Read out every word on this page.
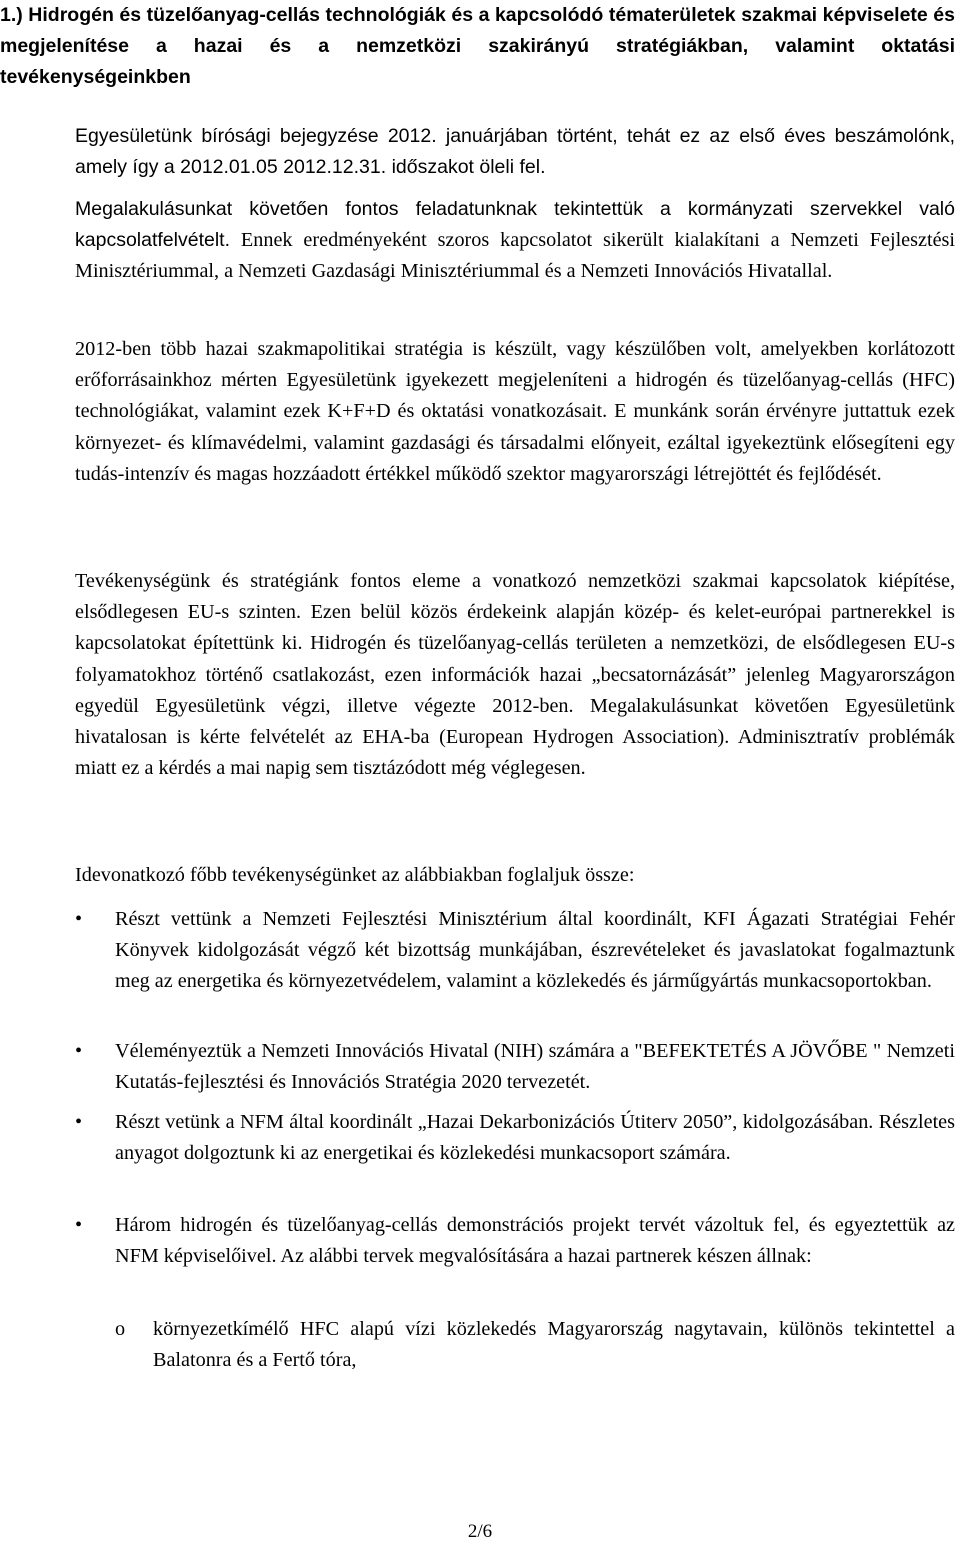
1.) Hidrogén és tüzelőanyag-cellás technológiák és a kapcsolódó tématerületek szakmai képviselete és megjelenítése a hazai és a nemzetközi szakirányú stratégiákban, valamint oktatási tevékenységeinkben

Egyesületünk bírósági bejegyzése 2012. januárjában történt, tehát ez az első éves beszámolónk, amely így a 2012.01.05 2012.12.31. időszakot öleli fel.

Megalakulásunkat követően fontos feladatunknak tekintettük a kormányzati szervekkel való kapcsolatfelvételt. Ennek eredményeként szoros kapcsolatot sikerült kialakítani a Nemzeti Fejlesztési Minisztériummal, a Nemzeti Gazdasági Minisztériummal és a Nemzeti Innovációs Hivatallal.

2012-ben több hazai szakmapolitikai stratégia is készült, vagy készülőben volt, amelyekben korlátozott erőforrásainkhoz mérten Egyesületünk igyekezett megjeleníteni a hidrogén és tüzelőanyag-cellás (HFC) technológiákat, valamint ezek K+F+D és oktatási vonatkozásait. E munkánk során érvényre juttattuk ezek környezet- és klímavédelmi, valamint gazdasági és társadalmi előnyeit, ezáltal igyekeztünk elősegíteni egy tudás-intenzív és magas hozzáadott értékkel működő szektor magyarországi létrejöttét és fejlődését.

Tevékenységünk és stratégiánk fontos eleme a vonatkozó nemzetközi szakmai kapcsolatok kiépítése, elsődlegesen EU-s szinten. Ezen belül közös érdekeink alapján közép- és kelet-európai partnerekkel is kapcsolatokat építettünk ki. Hidrogén és tüzelőanyag-cellás területen a nemzetközi, de elsődlegesen EU-s folyamatokhoz történő csatlakozást, ezen információk hazai „becsatornázását” jelenleg Magyarországon egyedül Egyesületünk végzi, illetve végezte 2012-ben. Megalakulásunkat követően Egyesületünk hivatalosan is kérte felvételét az EHA-ba (European Hydrogen Association). Adminisztratív problémák miatt ez a kérdés a mai napig sem tisztázódott még véglegesen.

Idevonatkozó főbb tevékenységünket az alábbiakban foglaljuk össze:

•	Részt vettünk a Nemzeti Fejlesztési Minisztérium által koordinált, KFI Ágazati Stratégiai Fehér Könyvek kidolgozását végző két bizottság munkájában, észrevételeket és javaslatokat fogalmaztunk meg az energetika és környezetvédelem, valamint a közlekedés és járműgyártás munkacsoportokban.
•	Véleményeztük a Nemzeti Innovációs Hivatal (NIH) számára a "BEFEKTETÉS A JÖVŐBE " Nemzeti Kutatás-fejlesztési és Innovációs Stratégia 2020 tervezetét.
•	Részt vetünk a NFM által koordinált „Hazai Dekarbonizációs Útiterv 2050”, kidolgozásában. Részletes anyagot dolgoztunk ki az energetikai és közlekedési munkacsoport számára.
•	Három hidrogén és tüzelőanyag-cellás demonstrációs projekt tervét vázoltuk fel, és egyeztettük az NFM képviselőivel. Az alábbi tervek megvalósítására a hazai partnerek készen állnak:
o környezetkímélő HFC alapú vízi közlekedés Magyarország nagytavain, különös tekintettel a Balatonra és a Fertő tóra,
2/6
